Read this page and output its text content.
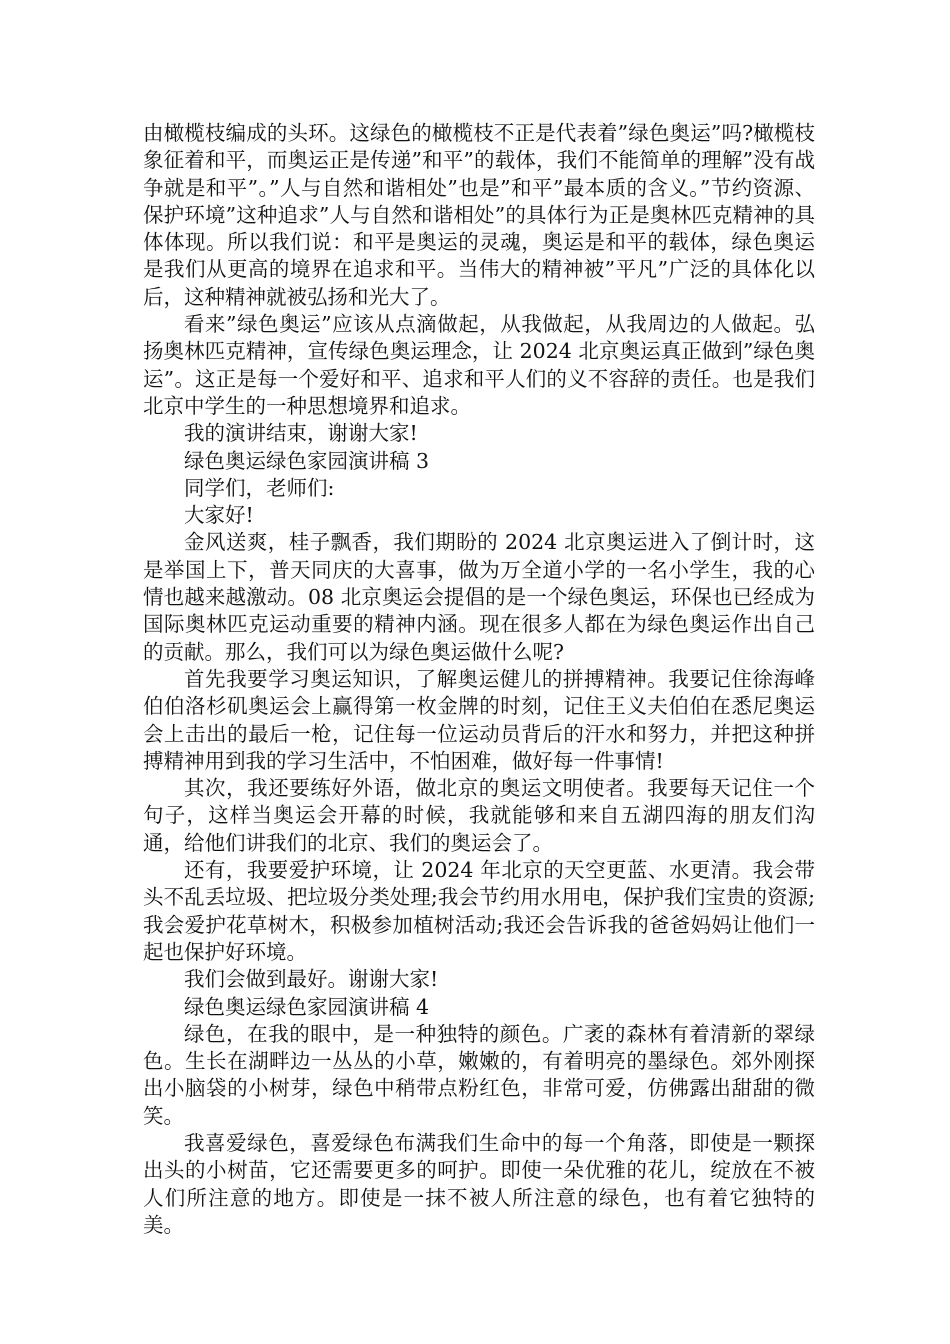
由橄榄枝编成的头环。这绿色的橄榄枝不正是代表着”绿色奥运”吗?橄榄枝象征着和平，而奥运正是传递”和平”的载体，我们不能简单的理解”没有战争就是和平”。”人与自然和谐相处”也是”和平”最本质的含义。”节约资源、保护环境”这种追求”人与自然和谐相处”的具体行为正是奥林匹克精神的具体体现。所以我们说：和平是奥运的灵魂，奥运是和平的载体，绿色奥运是我们从更高的境界在追求和平。当伟大的精神被”平凡”广泛的具体化以后，这种精神就被弘扬和光大了。

看来”绿色奥运”应该从点滴做起，从我做起，从我周边的人做起。弘扬奥林匹克精神，宣传绿色奥运理念，让 2024 北京奥运真正做到”绿色奥运”。这正是每一个爱好和平、追求和平人们的义不容辞的责任。也是我们北京中学生的一种思想境界和追求。

我的演讲结束，谢谢大家!

绿色奥运绿色家园演讲稿 3

同学们，老师们:

大家好!

金风送爽，桂子飘香，我们期盼的 2024 北京奥运进入了倒计时，这是举国上下，普天同庆的大喜事，做为万全道小学的一名小学生，我的心情也越来越激动。08 北京奥运会提倡的是一个绿色奥运，环保也已经成为国际奥林匹克运动重要的精神内涵。现在很多人都在为绿色奥运作出自己的贡献。那么，我们可以为绿色奥运做什么呢?

首先我要学习奥运知识，了解奥运健儿的拼搏精神。我要记住徐海峰伯伯洛杉矶奥运会上赢得第一枚金牌的时刻，记住王义夫伯伯在悉尼奥运会上击出的最后一枪，记住每一位运动员背后的汗水和努力，并把这种拼搏精神用到我的学习生活中，不怕困难，做好每一件事情!

其次，我还要练好外语，做北京的奥运文明使者。我要每天记住一个句子，这样当奥运会开幕的时候，我就能够和来自五湖四海的朋友们沟通，给他们讲我们的北京、我们的奥运会了。

还有，我要爱护环境，让 2024 年北京的天空更蓝、水更清。我会带头不乱丢垃圾、把垃圾分类处理;我会节约用水用电，保护我们宝贵的资源;我会爱护花草树木，积极参加植树活动;我还会告诉我的爸爸妈妈让他们一起也保护好环境。

我们会做到最好。谢谢大家!

绿色奥运绿色家园演讲稿 4

绿色，在我的眼中，是一种独特的颜色。广袤的森林有着清新的翠绿色。生长在湖畔边一丛丛的小草，嫩嫩的，有着明亮的墨绿色。郊外刚探出小脑袋的小树芽，绿色中稍带点粉红色，非常可爱，仿佛露出甜甜的微笑。

我喜爱绿色，喜爱绿色布满我们生命中的每一个角落，即使是一颗探出头的小树苗，它还需要更多的呵护。即使一朵优雅的花儿，绽放在不被人们所注意的地方。即使是一抹不被人所注意的绿色，也有着它独特的美。
